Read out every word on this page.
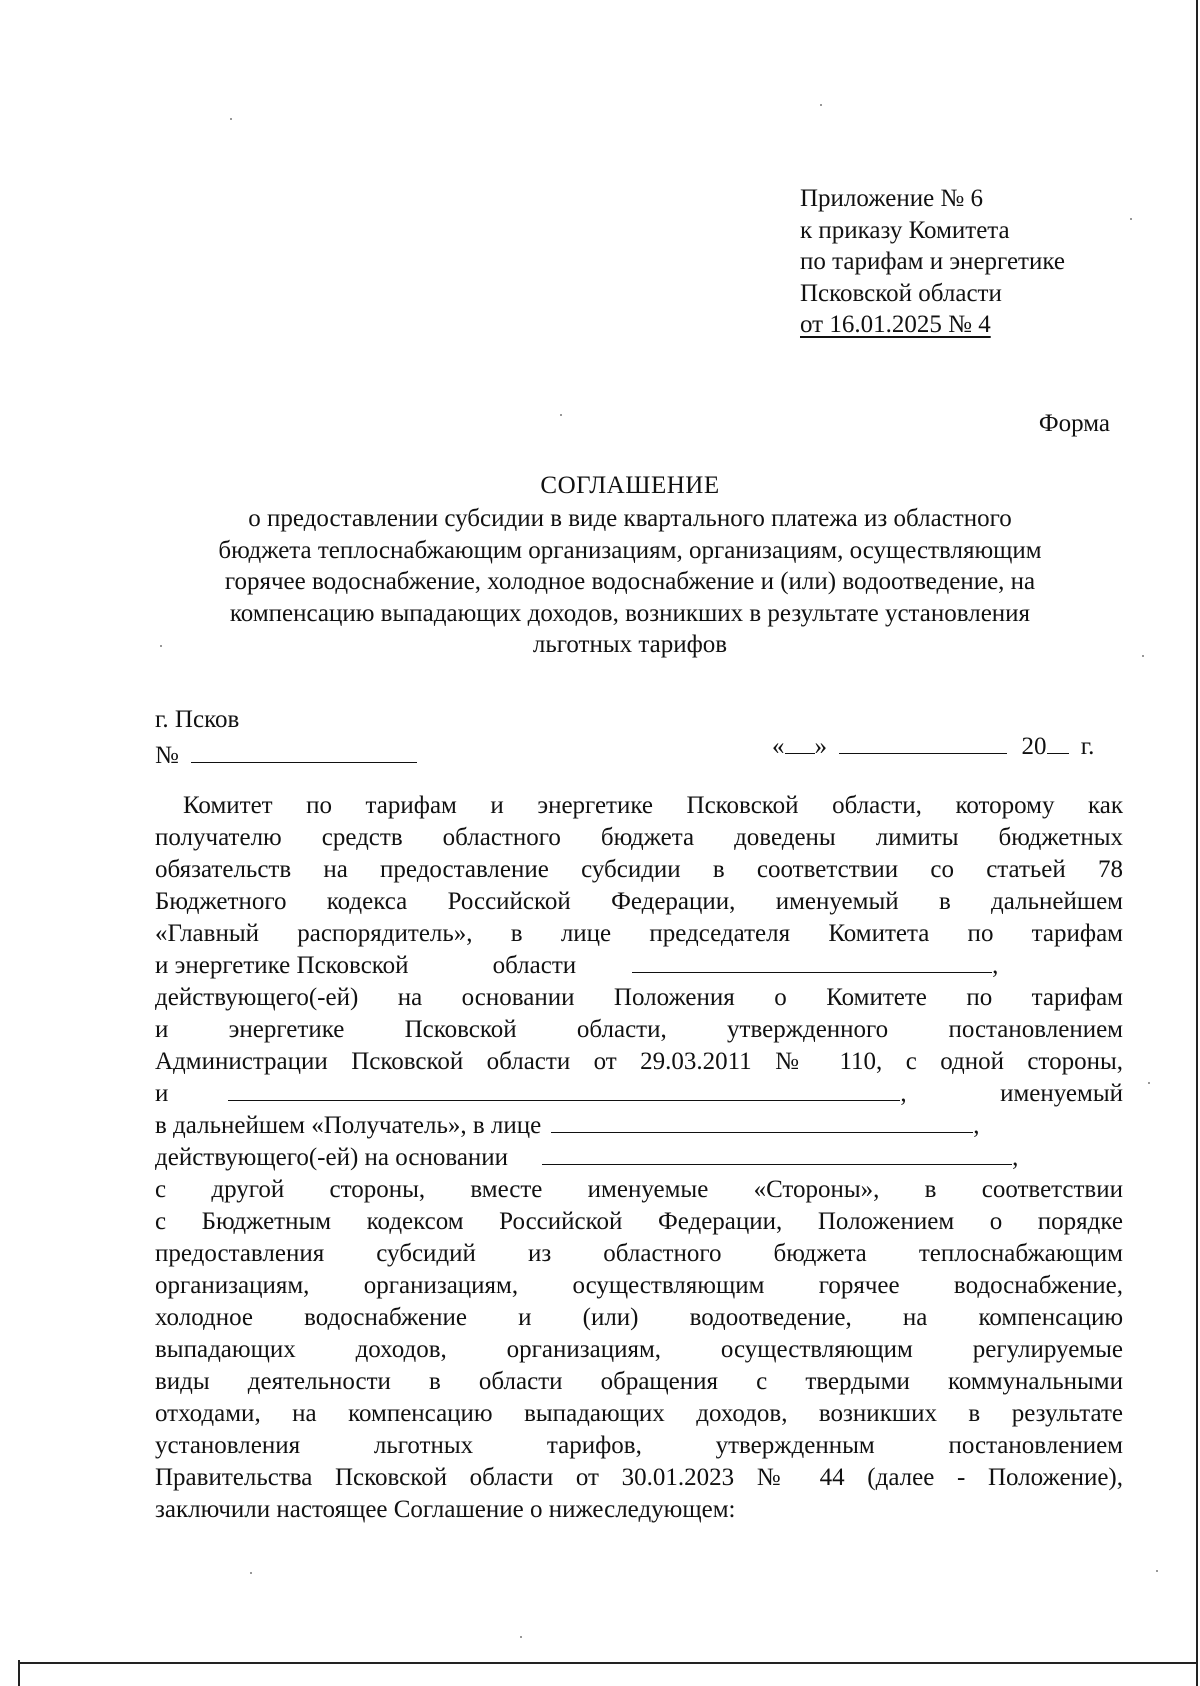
Приложение № 6
к приказу Комитета
по тарифам и энергетике
Псковской области
от 16.01.2025 № 4
Форма
СОГЛАШЕНИЕ
о предоставлении субсидии в виде квартального платежа из областного
бюджета теплоснабжающим организациям, организациям, осуществляющим
горячее водоснабжение, холодное водоснабжение и (или) водоотведение, на
компенсацию выпадающих доходов, возникших в результате установления
льготных тарифов
г. Псков
№	« »	20 г.
Комитет по тарифам и энергетике Псковской области, которому как
получателю средств областного бюджета доведены лимиты бюджетных
обязательств на предоставление субсидии в соответствии со статьей 78
Бюджетного кодекса Российской Федерации, именуемый в дальнейшем
«Главный распорядитель», в лице председателя Комитета по тарифам
и энергетике Псковской	области	,
действующего(-ей) на основании Положения о Комитете по тарифам
и энергетике Псковской области, утвержденного постановлением
Администрации Псковской области от 29.03.2011 № 110, с одной стороны,
и	,	именуемый
в дальнейшем «Получатель», в лице	,
действующего(-ей) на основании	,
с другой стороны, вместе именуемые «Стороны», в соответствии
с Бюджетным кодексом Российской Федерации, Положением о порядке
предоставления субсидий из областного бюджета теплоснабжающим
организациям, организациям, осуществляющим горячее водоснабжение,
холодное водоснабжение и (или) водоотведение, на компенсацию
выпадающих доходов, организациям, осуществляющим регулируемые
виды деятельности в области обращения с твердыми коммунальными
отходами, на компенсацию выпадающих доходов, возникших в результате
установления льготных тарифов, утвержденным постановлением
Правительства Псковской области от 30.01.2023 № 44 (далее - Положение),
заключили настоящее Соглашение о нижеследующем:
